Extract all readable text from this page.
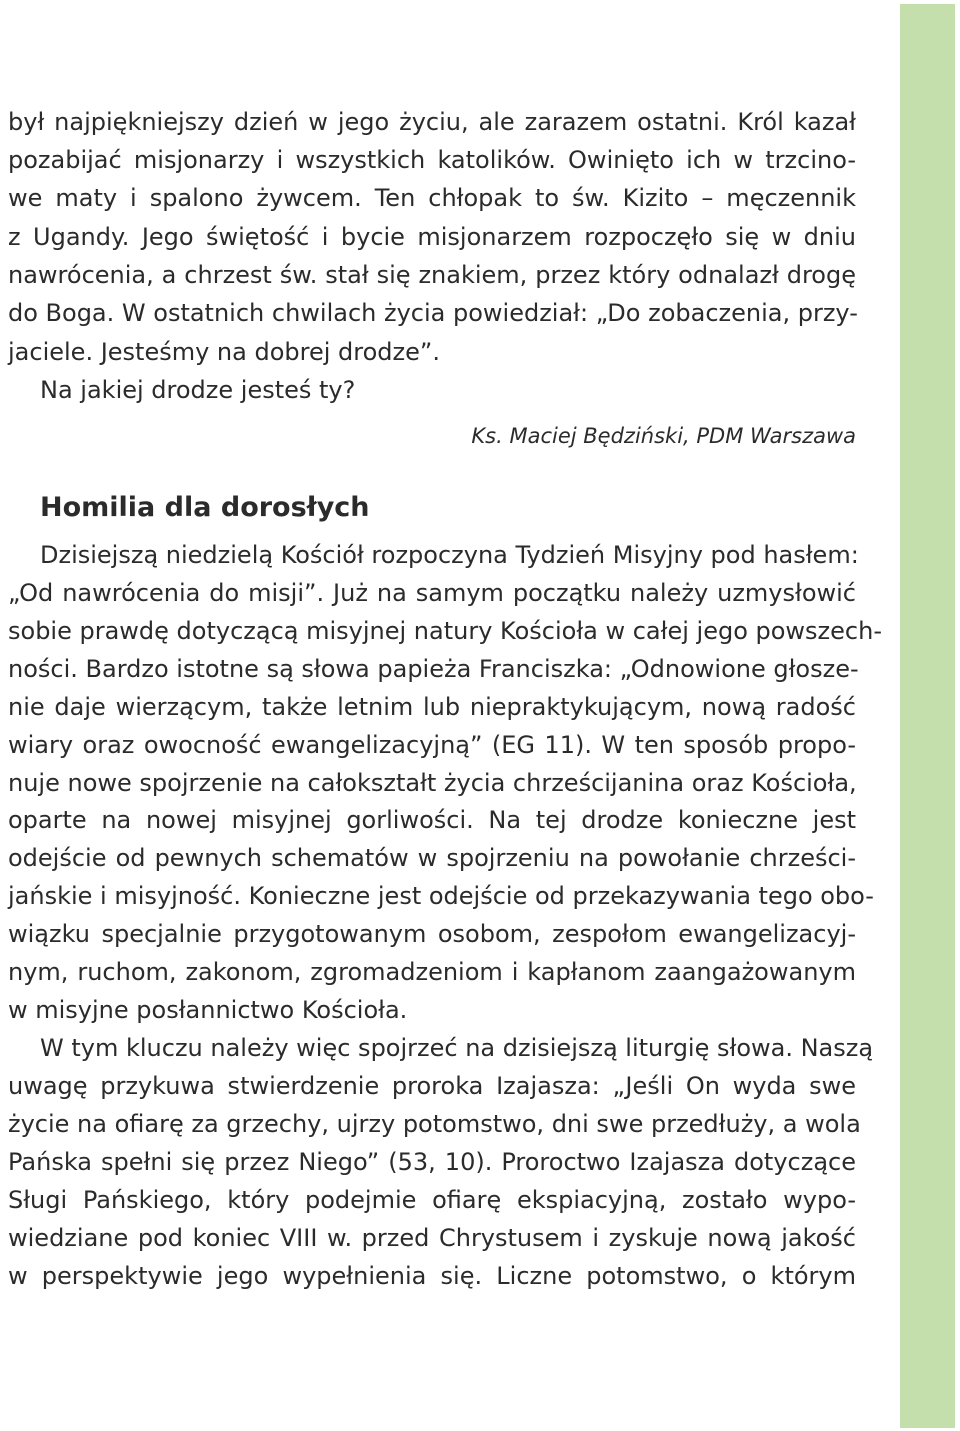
był najpiękniejszy dzień w jego życiu, ale zarazem ostatni. Król kazał
pozabijać misjonarzy i wszystkich katolików. Owinięto ich w trzcino-
we maty i spalono żywcem. Ten chłopak to św. Kizito – męczennik
z Ugandy. Jego świętość i bycie misjonarzem rozpoczęło się w dniu
nawrócenia, a chrzest św. stał się znakiem, przez który odnalazł drogę
do Boga. W ostatnich chwilach życia powiedział: „Do zobaczenia, przy-
jaciele. Jesteśmy na dobrej drodze”.
Na jakiej drodze jesteś ty?
Ks. Maciej Będziński, PDM Warszawa
Homilia dla dorosłych
Dzisiejszą niedzielą Kościół rozpoczyna Tydzień Misyjny pod hasłem:
„Od nawrócenia do misji”. Już na samym początku należy uzmysłowić
sobie prawdę dotyczącą misyjnej natury Kościoła w całej jego powszech-
ności. Bardzo istotne są słowa papieża Franciszka: „Odnowione głosze-
nie daje wierzącym, także letnim lub niepraktykującym, nową radość
wiary oraz owocność ewangelizacyjną” (EG 11). W ten sposób propo-
nuje nowe spojrzenie na całokształt życia chrześcijanina oraz Kościoła,
oparte na nowej misyjnej gorliwości. Na tej drodze konieczne jest
odejście od pewnych schematów w spojrzeniu na powołanie chrześci-
jańskie i misyjność. Konieczne jest odejście od przekazywania tego obo-
wiązku specjalnie przygotowanym osobom, zespołom ewangelizacyj-
nym, ruchom, zakonom, zgromadzeniom i kapłanom zaangażowanym
w misyjne posłannictwo Kościoła.
W tym kluczu należy więc spojrzeć na dzisiejszą liturgię słowa. Naszą
uwagę przykuwa stwierdzenie proroka Izajasza: „Jeśli On wyda swe
życie na ofiarę za grzechy, ujrzy potomstwo, dni swe przedłuży, a wola
Pańska spełni się przez Niego” (53, 10). Proroctwo Izajasza dotyczące
Sługi Pańskiego, który podejmie ofiarę ekspiacyjną, zostało wypo-
wiedziane pod koniec VIII w. przed Chrystusem i zyskuje nową jakość
w perspektywie jego wypełnienia się. Liczne potomstwo, o którym
